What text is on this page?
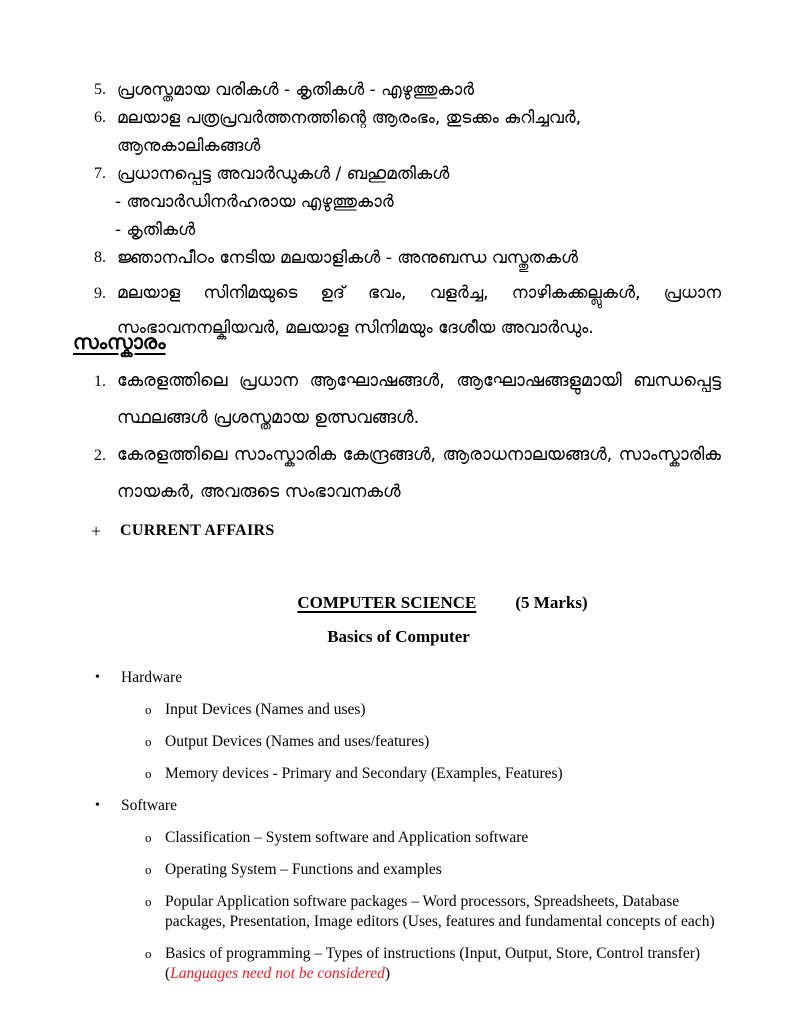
5. പ്രശസ്തമായ വരികൾ - കൃതികൾ - എഴുത്തുകാർ
6. മലയാള പത്രപ്രവർത്തനത്തിന്റെ ആരംഭം, തുടക്കം കുറിച്ചവർ, ആനുകാലികങ്ങൾ
7. പ്രധാനപ്പെട്ട അവാർഡുകൾ / ബഹുമതികൾ
- അവാർഡിനർഹരായ എഴുത്തുകാർ
- കൃതികൾ
8. ജ്ഞാനപീഠം നേടിയ മലയാളികൾ - അനുബന്ധ വസ്തുതകൾ
9. മലയാള സിനിമയുടെ ഉദ് ഭവം, വളർച്ച, നാഴികക്കല്ലുകൾ, പ്രധാന സംഭാവനനല്കിയവർ, മലയാള സിനിമയും ദേശീയ അവാർഡും.
സംസ്കാരം
1. കേരളത്തിലെ പ്രധാന ആഘോഷങ്ങൾ, ആഘോഷങ്ങളുമായി ബന്ധപ്പെട്ട സ്ഥലങ്ങൾ പ്രശസ്തമായ ഉത്സവങ്ങൾ.
2. കേരളത്തിലെ സാംസ്കാരിക കേന്ദ്രങ്ങൾ, ആരാധനാലയങ്ങൾ, സാംസ്കാരിക നായകർ, അവരുടെ സംഭാവനകൾ
+	CURRENT AFFAIRS
COMPUTER SCIENCE (5 Marks)
Basics of Computer
•	Hardware
o Input Devices (Names and uses)
o Output Devices (Names and uses/features)
o Memory devices - Primary and Secondary (Examples, Features)
•	Software
o Classification – System software and Application software
o Operating System – Functions and examples
o Popular Application software packages – Word processors, Spreadsheets, Database packages, Presentation, Image editors (Uses, features and fundamental concepts of each)
o Basics of programming – Types of instructions (Input, Output, Store, Control transfer)
(Languages need not be considered)
